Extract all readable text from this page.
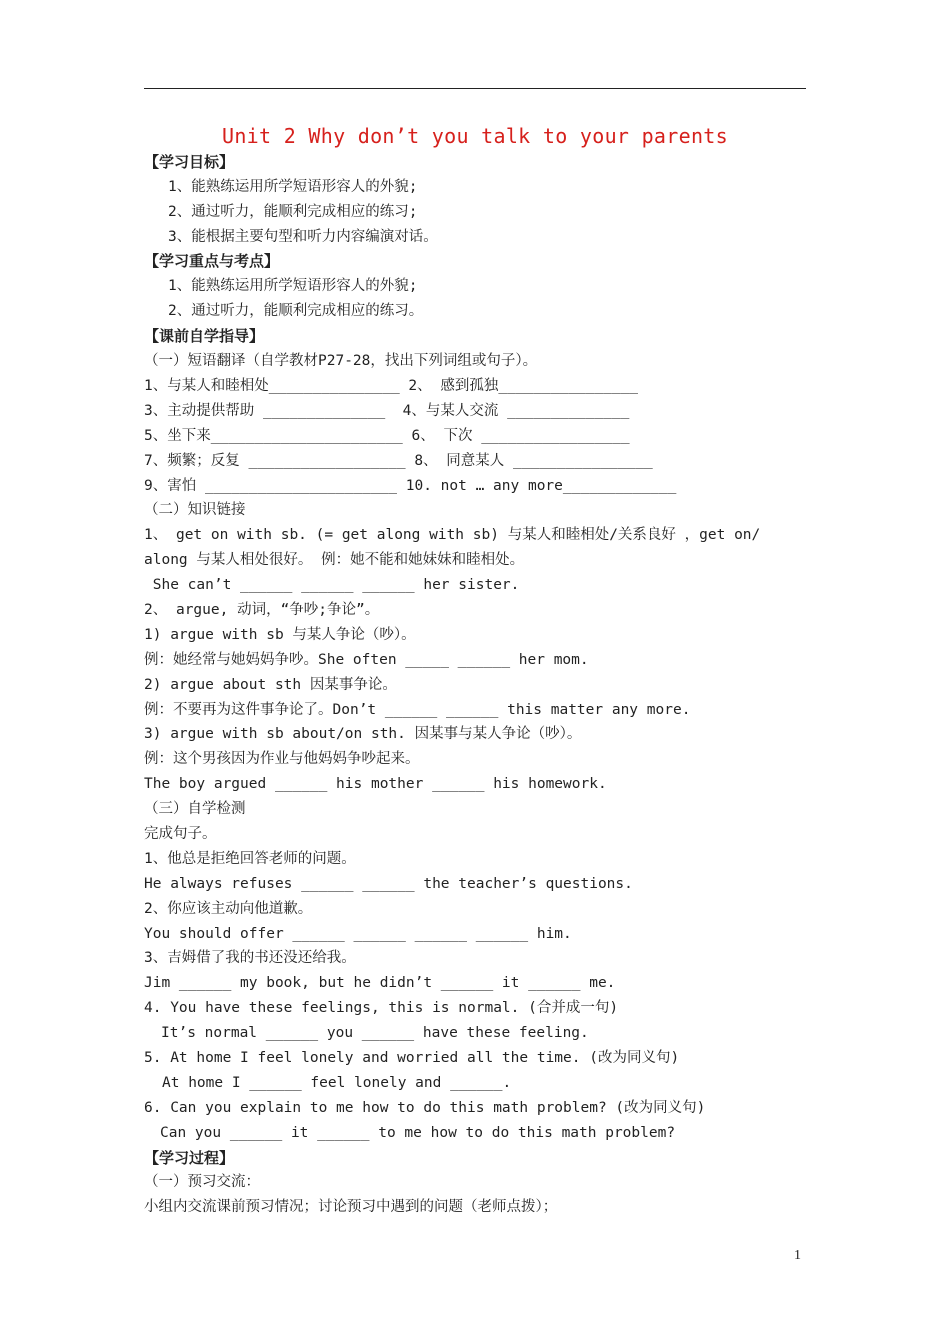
Unit 2 Why don’t you talk to your parents
【学习目标】
1、能熟练运用所学短语形容人的外貌;
2、通过听力，能顺利完成相应的练习;
3、能根据主要句型和听力内容编演对话。
【学习重点与考点】
1、能熟练运用所学短语形容人的外貌;
2、通过听力，能顺利完成相应的练习。
【课前自学指导】
（一）短语翻译（自学教材P27-28，找出下列词组或句子）。
1、与某人和睦相处_______________ 2、 感到孤独________________
3、主动提供帮助 ______________  4、与某人交流 ______________
5、坐下来______________________ 6、 下次 _________________
7、频繁；反复 __________________ 8、 同意某人 ________________
9、害怕 ______________________ 10. not … any more_____________
（二）知识链接
1、 get on with sb. (= get along with sb) 与某人和睦相处/关系良好 ，get on/
along 与某人相处很好。 例：她不能和她妹妹和睦相处。
She can’t ______ ______ ______ her sister.
2、 argue, 动词，“争吵;争论”。
1) argue with sb 与某人争论（吵）。
例：她经常与她妈妈争吵。She often _____ ______ her mom.
2) argue about sth 因某事争论。
例：不要再为这件事争论了。Don’t ______ ______ this matter any more.
3) argue with sb about/on sth. 因某事与某人争论（吵）。
例：这个男孩因为作业与他妈妈争吵起来。
The boy argued ______ his mother ______ his homework.
（三）自学检测
完成句子。
1、他总是拒绝回答老师的问题。
He always refuses ______ ______ the teacher’s questions.
2、你应该主动向他道歉。
You should offer ______ ______ ______ ______ him.
3、吉姆借了我的书还没还给我。
Jim ______ my book, but he didn’t ______ it ______ me.
4. You have these feelings, this is normal. (合并成一句)
It’s normal ______ you ______ have these feeling.
5. At home I feel lonely and worried all the time. (改为同义句)
At home I ______ feel lonely and ______.
6. Can you explain to me how to do this math problem? (改为同义句)
Can you ______ it ______ to me how to do this math problem?
【学习过程】
（一）预习交流：
小组内交流课前预习情况；讨论预习中遇到的问题（老师点拨）；
1
